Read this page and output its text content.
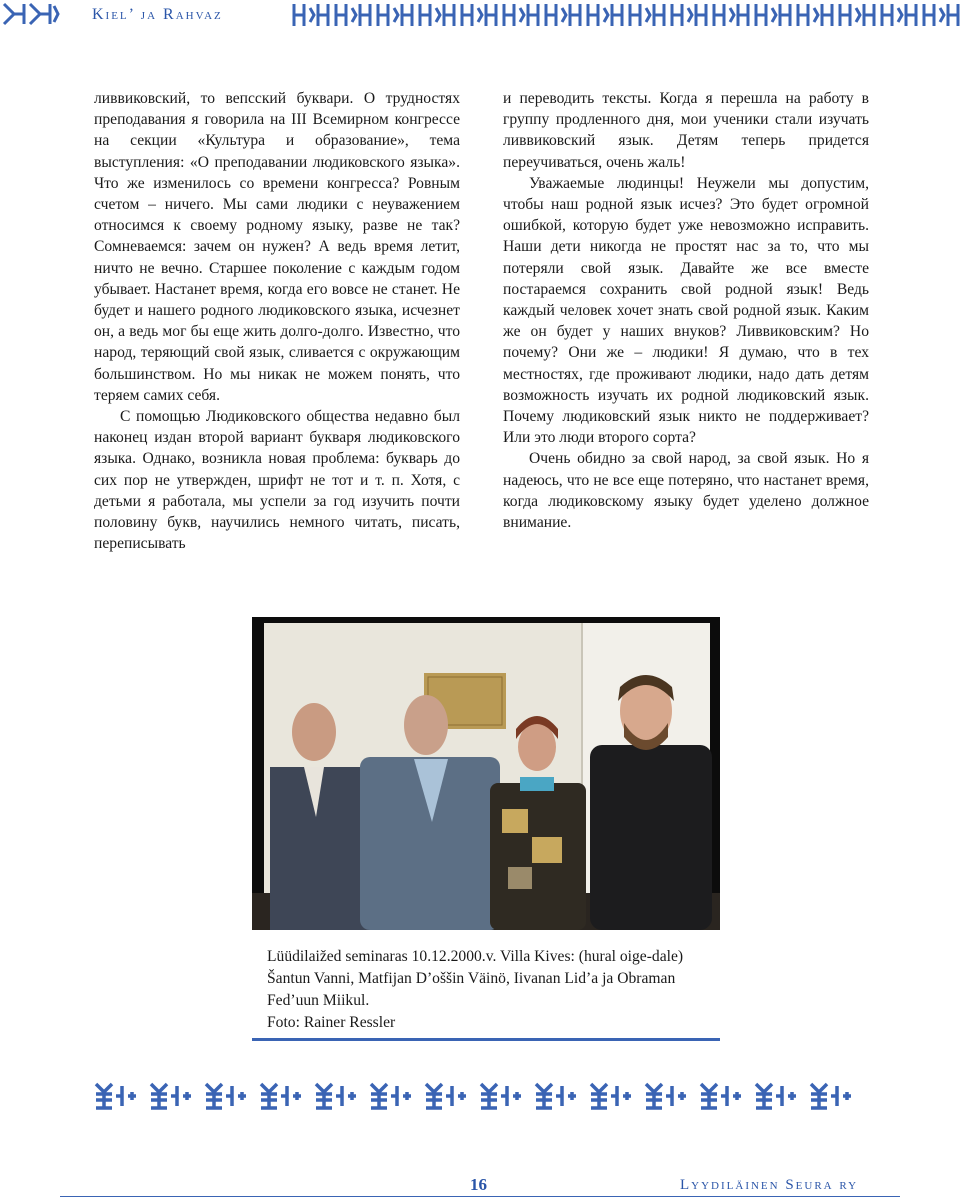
Kiel’ ja Rahvaz

ливвиковский, то вепсский буквари. О трудностях преподавания я говорила на III Всемирном конгрессе на секции «Культура и образование», тема выступления: «О преподавании людиковского языка». Что же изменилось со времени конгресса? Ровным счетом – ничего. Мы сами людики с неуважением относимся к своему родному языку, разве не так? Сомневаемся: зачем он нужен? А ведь время летит, ничто не вечно. Старшее поколение с каждым годом убывает. Настанет время, когда его вовсе не станет. Не будет и нашего родного людиковского языка, исчезнет он, а ведь мог бы еще жить долго-долго. Известно, что народ, теряющий свой язык, сливается с окружающим большинством. Но мы никак не можем понять, что теряем самих себя.

С помощью Людиковского общества недавно был наконец издан второй вариант букваря людиковского языка. Однако, возникла новая проблема: букварь до сих пор не утвержден, шрифт не тот и т. п. Хотя, с детьми я работала, мы успели за год изучить почти половину букв, научились немного читать, писать, переписывать

и переводить тексты. Когда я перешла на работу в группу продленного дня, мои ученики стали изучать ливвиковский язык. Детям теперь придется переучиваться, очень жаль!

Уважаемые людинцы! Неужели мы допустим, чтобы наш родной язык исчез? Это будет огромной ошибкой, которую будет уже невозможно исправить. Наши дети никогда не простят нас за то, что мы потеряли свой язык. Давайте же все вместе постараемся сохранить свой родной язык! Ведь каждый человек хочет знать свой родной язык. Каким же он будет у наших внуков? Ливвиковским? Но почему? Они же – людики! Я думаю, что в тех местностях, где проживают людики, надо дать детям возможность изучать их родной людиковский язык. Почему людиковский язык никто не поддерживает? Или это люди второго сорта?

Очень обидно за свой народ, за свой язык. Но я надеюсь, что не все еще потеряно, что настанет время, когда людиковскому языку будет уделено должное внимание.

Lüüdilaižed seminaras 10.12.2000.v. Villa Kives: (hural oige-dale) Šantun Vanni, Matfijan D’oššin Väinö, Iivanan Lid’a ja Obraman Fed’uun Miikul.
Foto: Rainer Ressler
16	Lyydiläinen Seura ry
